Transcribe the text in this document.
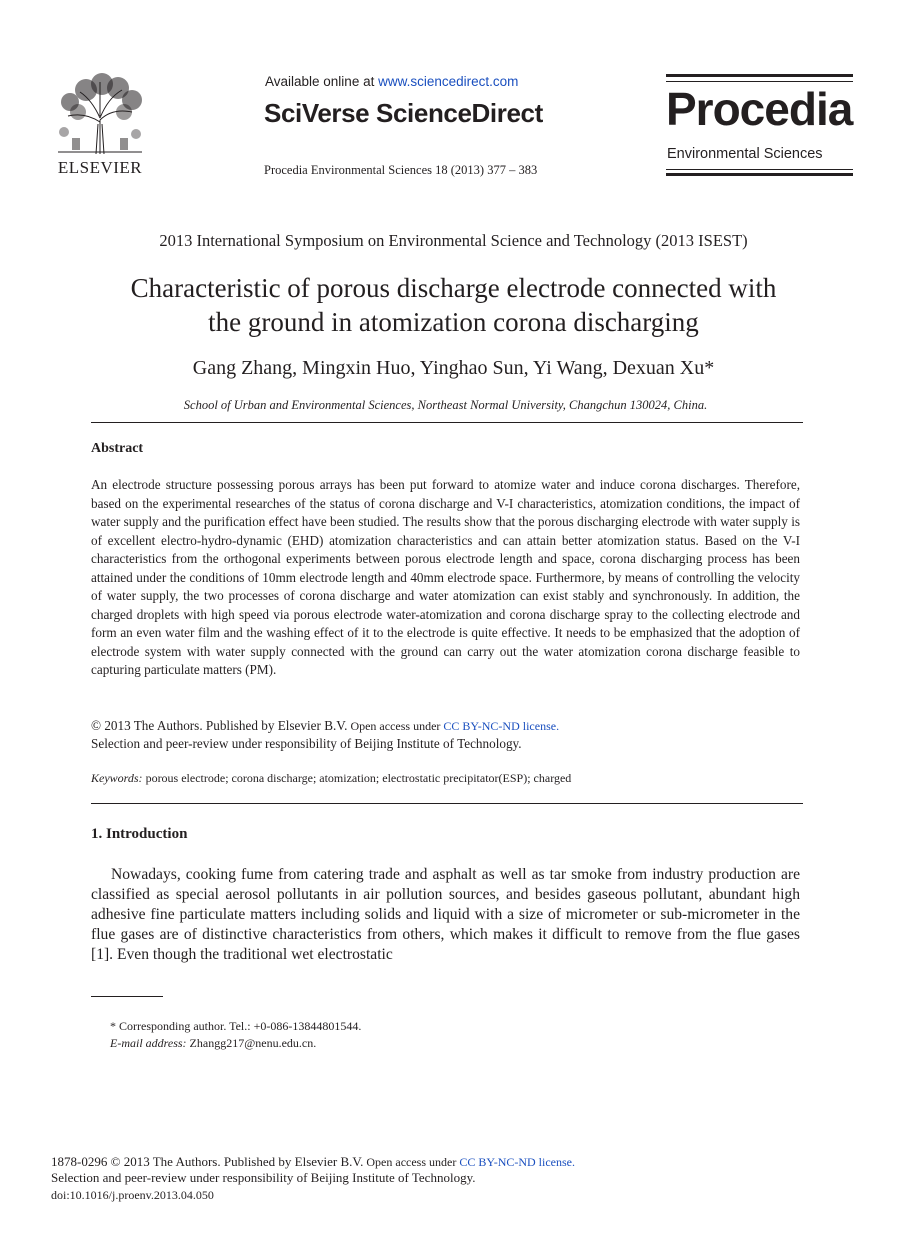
ELSEVIER
Available online at www.sciencedirect.com
SciVerse ScienceDirect
Procedia Environmental Sciences 18 (2013) 377 – 383
Procedia
Environmental Sciences
2013 International Symposium on Environmental Science and Technology (2013 ISEST)
Characteristic of porous discharge electrode connected with
the ground in atomization corona discharging
Gang Zhang, Mingxin Huo, Yinghao Sun, Yi Wang, Dexuan Xu*
School of Urban and Environmental Sciences, Northeast Normal University, Changchun 130024, China.
Abstract
An electrode structure possessing porous arrays has been put forward to atomize water and induce corona discharges. Therefore, based on the experimental researches of the status of corona discharge and V-I characteristics, atomization conditions, the impact of water supply and the purification effect have been studied. The results show that the porous discharging electrode with water supply is of excellent electro-hydro-dynamic (EHD) atomization characteristics and can attain better atomization status. Based on the V-I characteristics from the orthogonal experiments between porous electrode length and space, corona discharging process has been attained under the conditions of 10mm electrode length and 40mm electrode space. Furthermore, by means of controlling the velocity of water supply, the two processes of corona discharge and water atomization can exist stably and synchronously. In addition, the charged droplets with high speed via porous electrode water-atomization and corona discharge spray to the collecting electrode and form an even water film and the washing effect of it to the electrode is quite effective. It needs to be emphasized that the adoption of electrode system with water supply connected with the ground can carry out the water atomization corona discharge feasible to capturing particulate matters (PM).
© 2013 The Authors. Published by Elsevier B.V. Open access under CC BY-NC-ND license.
Selection and peer-review under responsibility of Beijing Institute of Technology.
Keywords: porous electrode; corona discharge; atomization; electrostatic precipitator(ESP); charged
1. Introduction
Nowadays, cooking fume from catering trade and asphalt as well as tar smoke from industry production are classified as special aerosol pollutants in air pollution sources, and besides gaseous pollutant, abundant high adhesive fine particulate matters including solids and liquid with a size of micrometer or sub-micrometer in the flue gases are of distinctive characteristics from others, which makes it difficult to remove from the flue gases [1]. Even though the traditional wet electrostatic
* Corresponding author. Tel.: +0-086-13844801544.
E-mail address: Zhangg217@nenu.edu.cn.
1878-0296 © 2013 The Authors. Published by Elsevier B.V. Open access under CC BY-NC-ND license.
Selection and peer-review under responsibility of Beijing Institute of Technology.
doi:10.1016/j.proenv.2013.04.050
